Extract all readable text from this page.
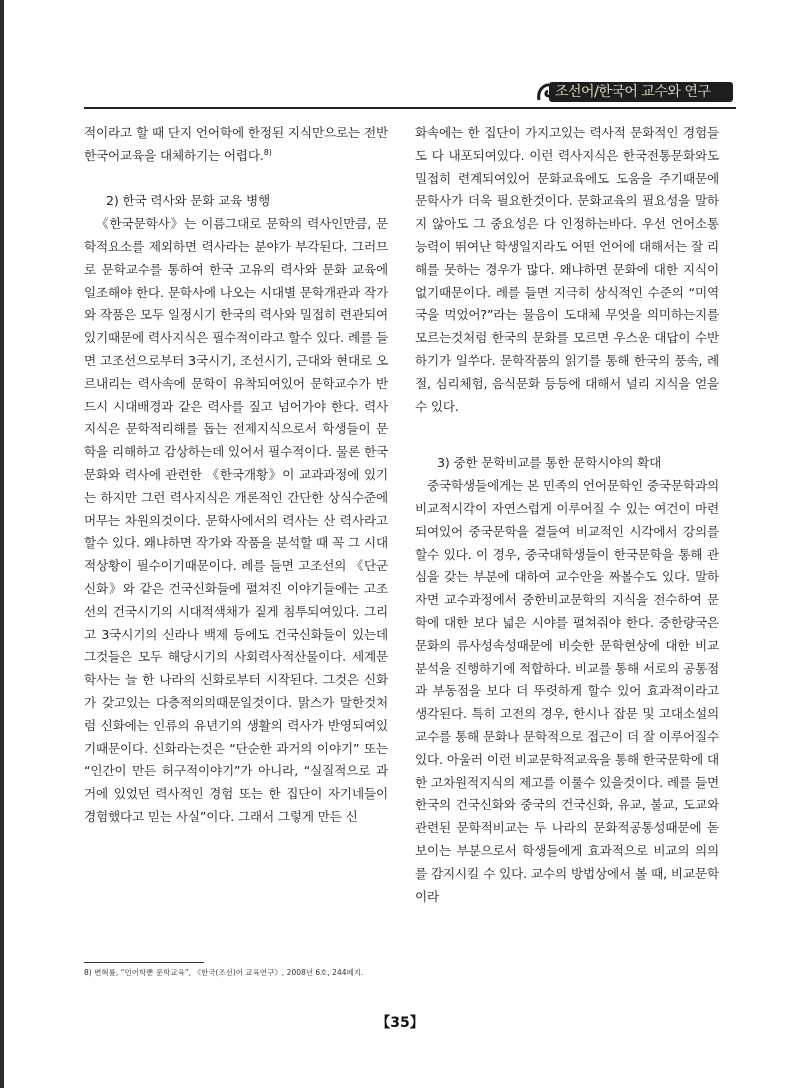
조선어/한국어 교수와 연구

적이라고 할 때 단지 언어학에 한정된 지식만으로는 전반 한국어교육을 대체하기는 어렵다.$^{8)}$

2) 한국 력사와 문화 교육 병행

《한국문학사》는 이름그대로 문학의 력사인만큼, 문학적요소를 제외하면 력사라는 분야가 부각된다. 그러므로 문학교수를 통하여 한국 고유의 력사와 문화 교육에 일조해야 한다. 문학사에 나오는 시대별 문학개관과 작가와 작품은 모두 일정시기 한국의 력사와 밀접히 련관되여있기때문에 력사지식은 필수적이라고 할수 있다. 례를 들면 고조선으로부터 3국시기, 조선시기, 근대와 현대로 오르내리는 력사속에 문학이 유착되여있어 문학교수가 반드시 시대배경과 같은 력사를 짚고 넘어가야 한다. 력사지식은 문학적리해를 돕는 전제지식으로서 학생들이 문학을 리해하고 감상하는데 있어서 필수적이다. 물론 한국 문화와 력사에 관련한 《한국개황》이 교과과정에 있기는 하지만 그런 력사지식은 개론적인 간단한 상식수준에 머무는 차원의것이다. 문학사에서의 력사는 산 력사라고 할수 있다. 왜냐하면 작가와 작품을 분석할 때 꼭 그 시대적상황이 필수이기때문이다. 례를 들면 고조선의 《단군신화》와 같은 건국신화들에 펼쳐진 이야기들에는 고조선의 건국시기의 시대적색채가 짙게 침투되여있다. 그리고 3국시기의 신라나 백제 등에도 건국신화들이 있는데 그것들은 모두 해당시기의 사회력사적산물이다. 세계문학사는 늘 한 나라의 신화로부터 시작된다. 그것은 신화가 갖고있는 다층적의의때문일것이다. 맑스가 말한것처럼 신화에는 인류의 유년기의 생활의 력사가 반영되여있기때문이다. 신화라는것은 “단순한 과거의 이야기” 또는 “인간이 만든 허구적이야기”가 아니라, “실질적으로 과거에 있었던 력사적인 경험 또는 한 집단이 자기네들이 경험했다고 믿는 사실”이다. 그래서 그렇게 만든 신

화속에는 한 집단이 가지고있는 력사적 문화적인 경험들도 다 내포되여있다. 이런 력사지식은 한국전통문화와도 밀접히 련계되여있어 문화교육에도 도움을 주기때문에 문학사가 더욱 필요한것이다. 문화교육의 필요성을 말하지 않아도 그 중요성은 다 인정하는바다. 우선 언어소통능력이 뛰여난 학생일지라도 어떤 언어에 대해서는 잘 리해를 못하는 경우가 많다. 왜냐하면 문화에 대한 지식이 없기때문이다. 례를 들면 지극히 상식적인 수준의 “미역국을 먹었어?”라는 물음이 도대체 무엇을 의미하는지를 모르는것처럼 한국의 문화를 모르면 우스운 대답이 수반하기가 일쑤다. 문학작품의 읽기를 통해 한국의 풍속, 례절, 심리체험, 음식문화 등등에 대해서 널리 지식을 얻을수 있다.

3) 중한 문학비교를 통한 문학시야의 확대

중국학생들에게는 본 민족의 언어문학인 중국문학과의 비교적시각이 자연스럽게 이루어질 수 있는 여건이 마련되여있어 중국문학을 곁들여 비교적인 시각에서 강의를 할수 있다. 이 경우, 중국대학생들이 한국문학을 통해 관심을 갖는 부분에 대하여 교수안을 짜볼수도 있다. 말하자면 교수과정에서 중한비교문학의 지식을 전수하여 문학에 대한 보다 넓은 시야를 펼쳐줘야 한다. 중한량국은 문화의 류사성속성때문에 비슷한 문학현상에 대한 비교분석을 진행하기에 적합하다. 비교를 통해 서로의 공통점과 부동점을 보다 더 뚜렷하게 할수 있어 효과적이라고 생각된다. 특히 고전의 경우, 한시나 잡문 및 고대소설의 교수를 통해 문화나 문학적으로 접근이 더 잘 이루어질수 있다. 아울러 이런 비교문학적교육을 통해 한국문학에 대한 고차원적지식의 제고를 이룰수 있을것이다. 례를 들면 한국의 건국신화와 중국의 건국신화, 유교, 불교, 도교와 관련된 문학적비교는 두 나라의 문화적공통성때문에 돋보이는 부분으로서 학생들에게 효과적으로 비교의 의의를 감지시킬 수 있다. 교수의 방법상에서 볼 때, 비교문학이라

8) 변혁률, “언어학뿐 문학교육”, 《한국(조선)어 교육연구》, 2008년 6호, 244페지.
【35】
